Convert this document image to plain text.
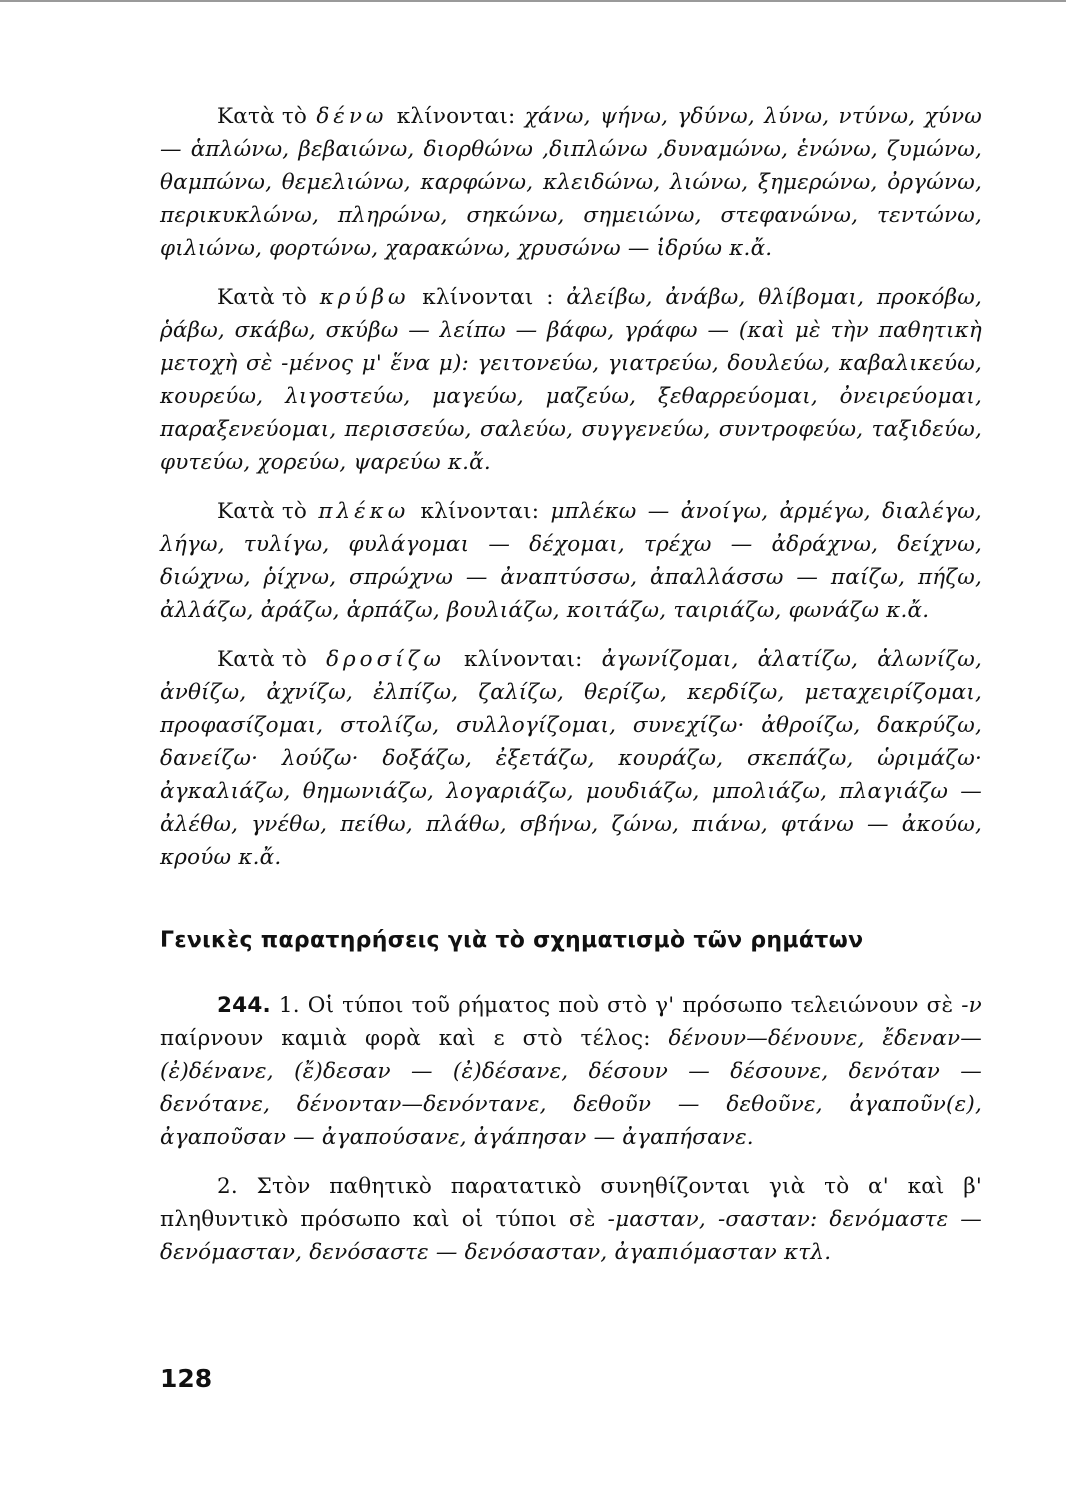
Κατὰ τὸ δένω κλίνονται: χάνω, ψήνω, γδύνω, λύνω, ντύνω, χύνω — ἁπλώνω, βεβαιώνω, διορθώνω ,διπλώνω ,δυναμώνω, ἑνώνω, ζυμώνω, θαμπώνω, θεμελιώνω, καρφώνω, κλειδώνω, λιώνω, ξημερώνω, ὀργώνω, περικυκλώνω, πληρώνω, σηκώνω, σημειώνω, στεφανώνω, τεντώνω, φιλιώνω, φορτώνω, χαρακώνω, χρυσώνω — ἱδρύω κ.ἄ.

Κατὰ τὸ κρύβω κλίνονται : ἀλείβω, ἀνάβω, θλίβομαι, προκόβω, ῥάβω, σκάβω, σκύβω — λείπω — βάφω, γράφω — (καὶ μὲ τὴν παθητικὴ μετοχὴ σὲ -μένος μ' ἕνα μ): γειτονεύω, γιατρεύω, δουλεύω, καβαλικεύω, κουρεύω, λιγοστεύω, μαγεύω, μαζεύω, ξεθαρρεύομαι, ὀνειρεύομαι, παραξενεύομαι, περισσεύω, σαλεύω, συγγενεύω, συντροφεύω, ταξιδεύω, φυτεύω, χορεύω, ψαρεύω κ.ἄ.

Κατὰ τὸ πλέκω κλίνονται: μπλέκω — ἀνοίγω, ἀρμέγω, διαλέγω, λήγω, τυλίγω, φυλάγομαι — δέχομαι, τρέχω — ἀδράχνω, δείχνω, διώχνω, ῥίχνω, σπρώχνω — ἀναπτύσσω, ἀπαλλάσσω — παίζω, πήζω, ἀλλάζω, ἀράζω, ἁρπάζω, βουλιάζω, κοιτάζω, ταιριάζω, φωνάζω κ.ἄ.

Κατὰ τὸ δροσίζω κλίνονται: ἀγωνίζομαι, ἁλατίζω, ἁλωνίζω, ἀνθίζω, ἀχνίζω, ἐλπίζω, ζαλίζω, θερίζω, κερδίζω, μεταχειρίζομαι, προφασίζομαι, στολίζω, συλλογίζομαι, συνεχίζω· ἀθροίζω, δακρύζω, δανείζω· λούζω· δοξάζω, ἐξετάζω, κουράζω, σκεπάζω, ὡριμάζω· ἀγκαλιάζω, θημωνιάζω, λογαριάζω, μουδιάζω, μπολιάζω, πλαγιάζω — ἀλέθω, γνέθω, πείθω, πλάθω, σβήνω, ζώνω, πιάνω, φτάνω — ἀκούω, κρούω κ.ἄ.

Γενικὲς παρατηρήσεις γιὰ τὸ σχηματισμὸ τῶν ρημάτων

244. 1. Οἱ τύποι τοῦ ρήματος ποὺ στὸ γ' πρόσωπο τελειώνουν σὲ -ν παίρνουν καμιὰ φορὰ καὶ ε στὸ τέλος: δένουν—δένουνε, ἔδεναν—(ἐ)δένανε, (ἔ)δεσαν — (ἐ)δέσανε, δέσουν — δέσουνε, δενόταν — δενότανε, δένονταν—δενόντανε, δεθοῦν — δεθοῦνε, ἀγαποῦν(ε), ἀγαποῦσαν — ἀγαπούσανε, ἀγάπησαν — ἀγαπήσανε.

2. Στὸν παθητικὸ παρατατικὸ συνηθίζονται γιὰ τὸ α' καὶ β' πληθυντικὸ πρόσωπο καὶ οἱ τύποι σὲ -μασταν, -σασταν: δενόμαστε — δενόμασταν, δενόσαστε — δενόσασταν, ἀγαπιόμασταν κτλ.

128
